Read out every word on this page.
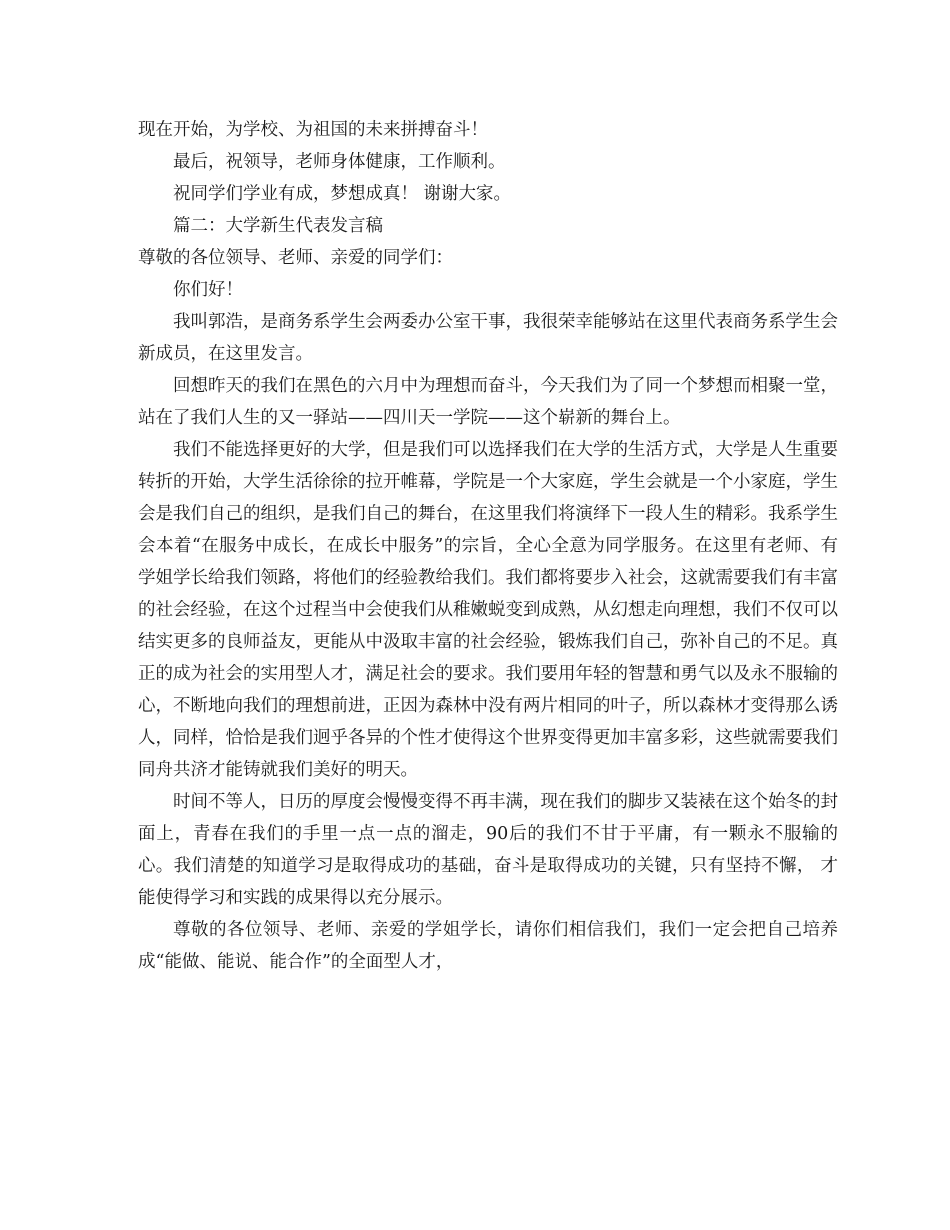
现在开始，为学校、为祖国的未来拼搏奋斗！

最后，祝领导，老师身体健康，工作顺利。

祝同学们学业有成，梦想成真！ 谢谢大家。

篇二：大学新生代表发言稿

尊敬的各位领导、老师、亲爱的同学们：

你们好！

我叫郭浩，是商务系学生会两委办公室干事，我很荣幸能够站在这里代表商务系学生会新成员，在这里发言。

回想昨天的我们在黑色的六月中为理想而奋斗，今天我们为了同一个梦想而相聚一堂，站在了我们人生的又一驿站——四川天一学院——这个崭新的舞台上。

我们不能选择更好的大学，但是我们可以选择我们在大学的生活方式，大学是人生重要转折的开始，大学生活徐徐的拉开帷幕，学院是一个大家庭，学生会就是一个小家庭，学生会是我们自己的组织，是我们自己的舞台，在这里我们将演绎下一段人生的精彩。我系学生会本着“在服务中成长，在成长中服务”的宗旨，全心全意为同学服务。在这里有老师、有学姐学长给我们领路，将他们的经验教给我们。我们都将要步入社会，这就需要我们有丰富的社会经验，在这个过程当中会使我们从稚嫩蜕变到成熟，从幻想走向理想，我们不仅可以结实更多的良师益友，更能从中汲取丰富的社会经验，锻炼我们自己，弥补自己的不足。真正的成为社会的实用型人才，满足社会的要求。我们要用年轻的智慧和勇气以及永不服输的心，不断地向我们的理想前进，正因为森林中没有两片相同的叶子，所以森林才变得那么诱人，同样，恰恰是我们迥乎各异的个性才使得这个世界变得更加丰富多彩，这些就需要我们同舟共济才能铸就我们美好的明天。

时间不等人，日历的厚度会慢慢变得不再丰满，现在我们的脚步又装裱在这个始冬的封面上，青春在我们的手里一点一点的溜走，90后的我们不甘于平庸，有一颗永不服输的心。我们清楚的知道学习是取得成功的基础，奋斗是取得成功的关键，只有坚持不懈， 才能使得学习和实践的成果得以充分展示。

尊敬的各位领导、老师、亲爱的学姐学长，请你们相信我们，我们一定会把自己培养成“能做、能说、能合作”的全面型人才，
